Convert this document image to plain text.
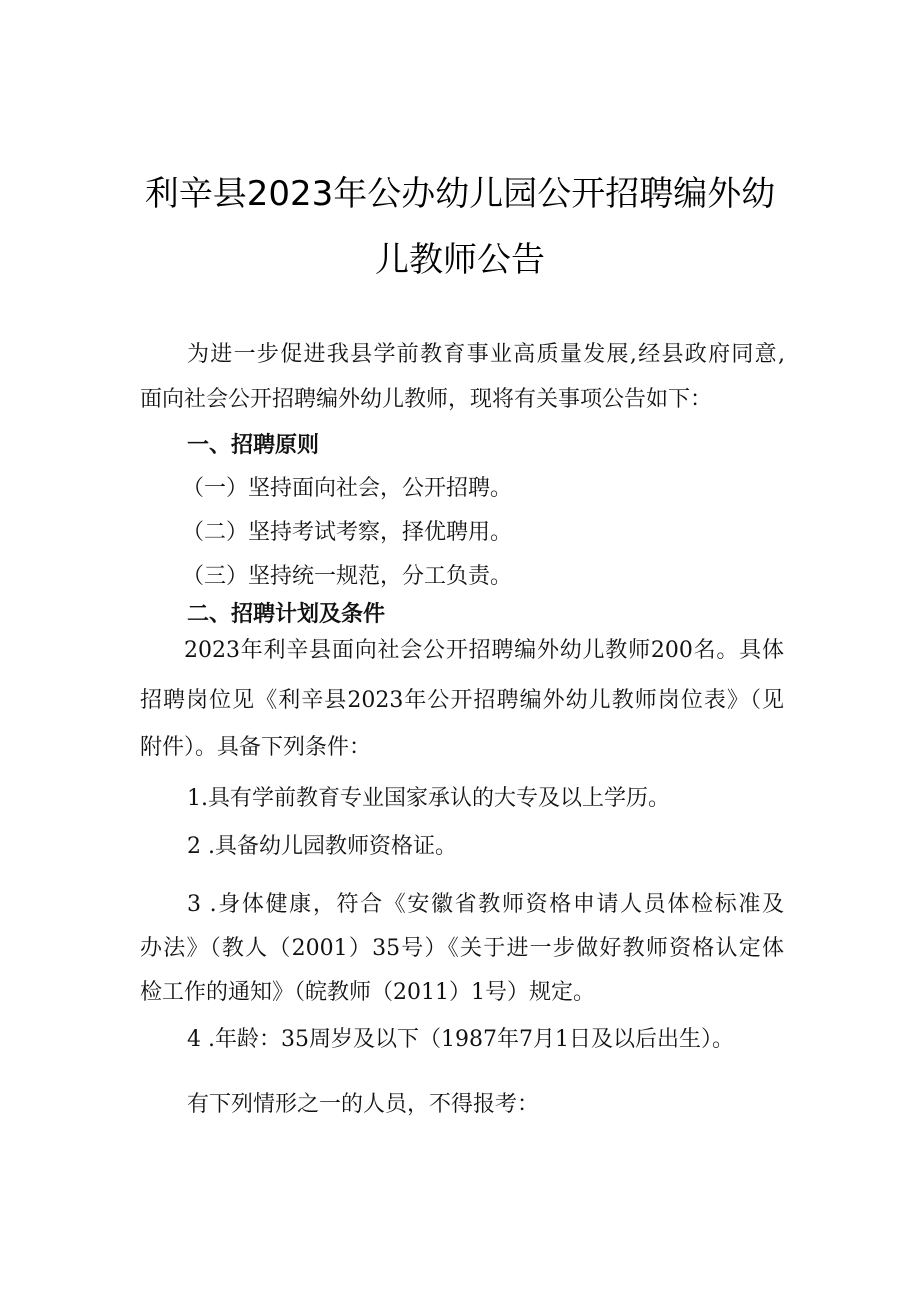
利辛县2023年公办幼儿园公开招聘编外幼
儿教师公告
为进一步促进我县学前教育事业高质量发展,经县政府同意,
面向社会公开招聘编外幼儿教师，现将有关事项公告如下：
一、招聘原则
（一）坚持面向社会，公开招聘。
（二）坚持考试考察，择优聘用。
（三）坚持统一规范，分工负责。
二、招聘计划及条件
2023年利辛县面向社会公开招聘编外幼儿教师200名。具体
招聘岗位见《利辛县2023年公开招聘编外幼儿教师岗位表》（见
附件）。具备下列条件：
1.具有学前教育专业国家承认的大专及以上学历。
2 .具备幼儿园教师资格证。
3 .身体健康，符合《安徽省教师资格申请人员体检标准及
办法》（教人（2001）35号）《关于进一步做好教师资格认定体
检工作的通知》（皖教师（2011）1号）规定。
4 .年龄：35周岁及以下（1987年7月1日及以后出生）。
有下列情形之一的人员，不得报考：
